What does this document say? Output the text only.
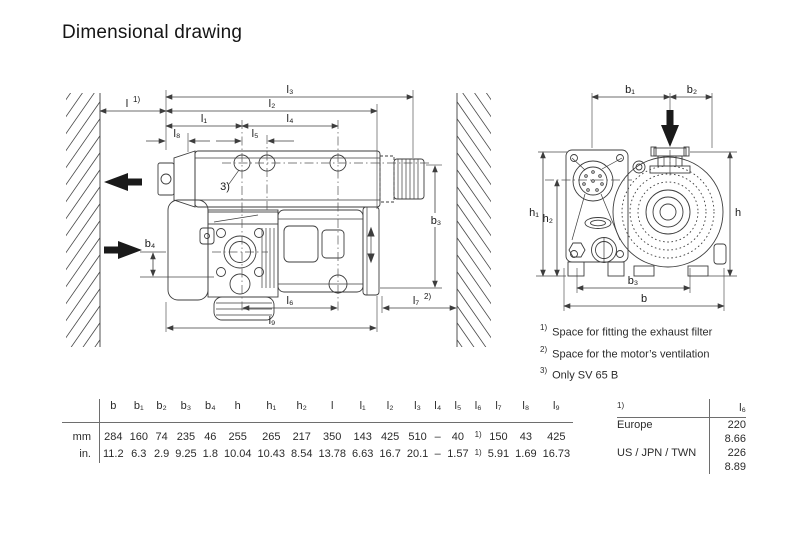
Dimensional drawing
l₃
l 1)	l₂
l₁	l₄
l₈	l₅
b₄
b₃
l₆
l₉
l₇ 2)
3)
b₁	b₂
h₁ h₂	h
b₃
b
$^{1)}$ Space for fitting the exhaust filter
$^{2)}$ Space for the motor’s ventilation
$^{3)}$ Only SV 65 B
	b	b₁	b₂	b₃	b₄	h	h₁	h₂	l	l₁	l₂	l₃	l₄	l₅	l₆	l₇	l₈	l₉
mm	284	160	74	235	46	255	265	217	350	143	425	510	–	40	$^{1)}$	150	43	425
in.	11.2	6.3	2.9	9.25	1.8	10.04	10.43	8.54	13.78	6.63	16.7	20.1	–	1.57	$^{1)}$	5.91	1.69	16.73
$^{1)}$	l₆
Europe	220
	8.66
US / JPN / TWN	226
	8.89
